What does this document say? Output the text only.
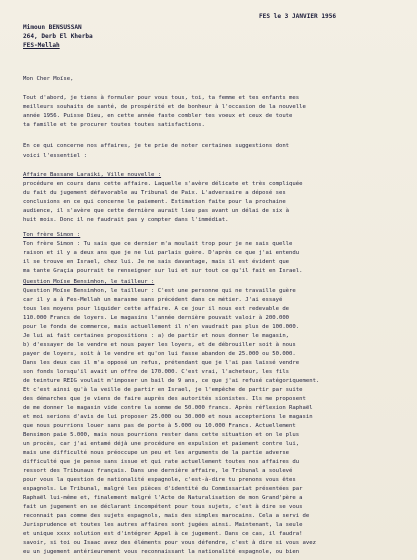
FES le 3 JANVIER 1956
Mimoun BENSUSSAN
264, Derb El Kherba
FES-Mellah
Mon Cher Moïse,
Tout d'abord, je tiens à formuler pour vous tous, toi, ta femme et tes enfants mes
meilleurs souhaits de santé, de prospérité et de bonheur à l'occasion de la nouvelle
année 1956. Puisse Dieu, en cette année faste combler tes voeux et ceux de toute
ta famille et te procurer toutes toutes satisfactions.
En ce qui concerne nos affaires, je te prie de noter certaines suggestions dont
voici l'essentiel :
Affaire Bassane Laraiki, Ville nouvelle :
procédure en cours dans cette affaire. Laquelle s'avère délicate et très compliquée
du fait du jugement défavorable au Tribunal de Paix. L'adversaire a déposé ses
conclusions en ce qui concerne le paiement. Estimation faite pour la prochaine
audience, il s'avère que cette dernière aurait lieu pas avant un délai de six à
huit mois. Donc il ne faudrait pas y compter dans l'immédiat.
Ton frère Simon :
Ton frère Simon : Tu sais que ce dernier m'a moulait trop pour je ne sais quelle
raison et il y a deux ans que je ne lui parlais guère. D'après ce que j'ai entendu
il se trouve en Israel, chez lui. Je ne sais davantage, mais il est évident que
ma tante Graçia pourrait te renseigner sur lui et sur tout ce qu'il fait en Israel.
Question Moïse Bensimhon, le tailleur :
Question Moïse Bensimhon, le tailleur : C'est une personne qui ne travaille guère
car il y a à Fes-Mellah un marasme sans précédent dans ce métier. J'ai essayé
tous les moyens pour liquider cette affaire. A ce jour il nous est redevable de
110.000 Francs de loyers. Le magasins l'année dernière pouvait valoir à 200.000
pour le fonds de commerce, mais actuellement il n'en vaudrait pas plus de 100.000.
Je lui ai fait certaines propositions : a) de partir et nous donner le magasin,
b) d'essayer de le vendre et nous payer les loyers, et de débrouiller soit à nous
payer de loyers, soit à le vendre et qu'on lui fasse abandon de 25.000 ou 50.000.
Dans les deux cas il m'a opposé un refus, prétendant que je l'ai pas laissé vendre
son fonds lorsqu'il avait un offre de 170.000. C'est vrai, l'acheteur, les fils
de teinture REIG voulait m'imposer un bail de 9 ans, ce que j'ai refusé catégoriquement.
Et c'est ainsi qu'à la veille de partir en Israel, je l'empêche de partir par suite
des démarches que je viens de faire auprès des autorités sionistes. Ils me proposent
de me donner le magasin vide contre la somme de 50.000 francs. Après réflexion Raphaël
et moi serions d'avis de lui proposer 25.000 ou 30.000 et nous accepterions le magasin
que nous pourrions louer sans pas de porte à 5.000 ou 10.000 Francs. Actuellement
Bensimon paie 5.000, mais nous pourrions rester dans cette situation et on le plus
un procès, car j'ai entamé déjà une procédure en expulsion et paiement contre lui,
mais une difficulté nous préoccupe un peu et les arguments de la partie adverse
difficulté que je pense sans issue et qui rate actuellement toutes nos affaires du
ressort des Tribunaux français. Dans une dernière affaire, le Tribunal a soulevé
pour vous la question de nationalité espagnole, c'est-à-dire tu prenons vous êtes
espagnols. Le Tribunal, malgré les pièces d'identité du Commissariat présentées par
Raphaël lui-même et, finalement malgré l'Acte de Naturalisation de mon Grand'père a
fait un jugement en se déclarant incompétent pour tous sujets, c'est à dire se vous
reconnait pas comme des sujets espagnols, mais des simples marocains. Cela a servi de
Jurisprudence et toutes les autres affaires sont jugées ainsi. Maintenant, la seule
et unique xxxx solution est d'intégrer Appel à ce jugement. Dans ce cas, il faudra!
savoir, si toi ou Isaac avez des éléments pour vous défendre, c'est à dire si vous avez
eu un jugement antérieurement vous reconnaissant la nationalité espagnole, ou bien
